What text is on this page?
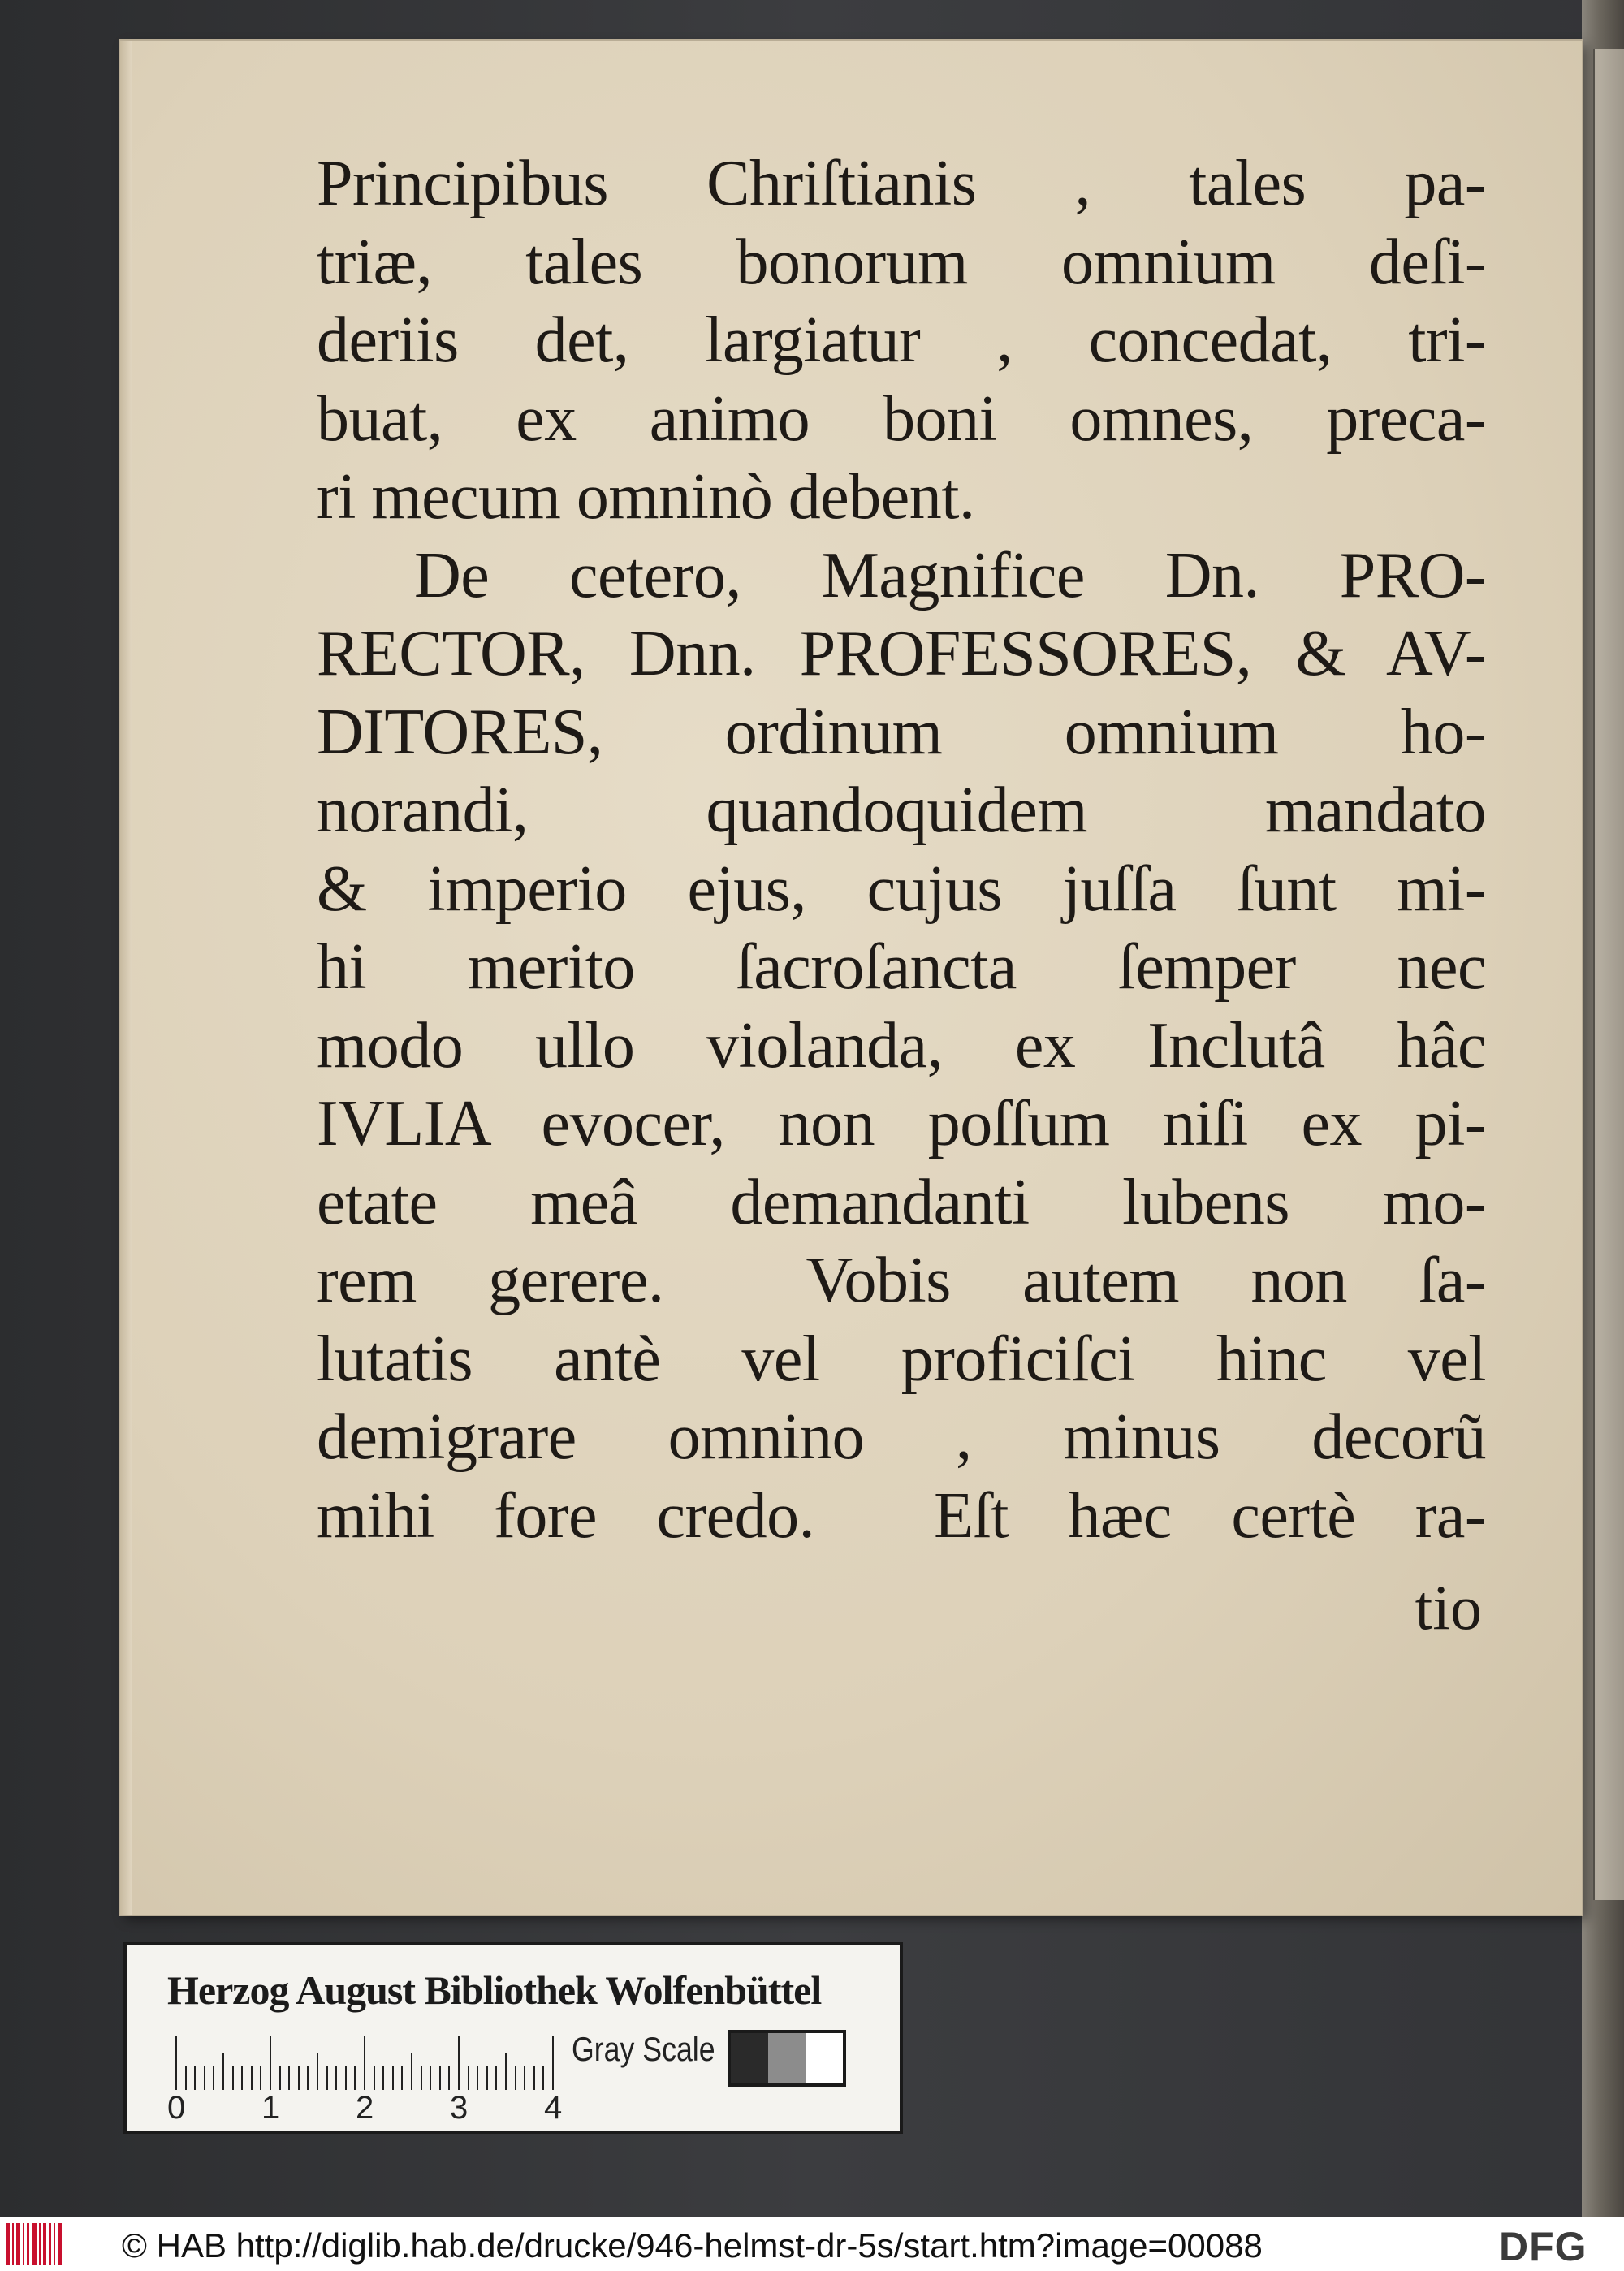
Principibus Chriſtianis , tales pa-
triæ, tales bonorum omnium deſi-
deriis det, largiatur , concedat, tri-
buat, ex animo boni omnes, preca-
ri mecum omninò debent.
De cetero, Magnifice Dn. PRO-
RECTOR, Dnn. PROFESSORES, & AV-
DITORES, ordinum omnium ho-
norandi, quandoquidem mandato
& imperio ejus, cujus juſſa ſunt mi-
hi merito ſacroſancta ſemper nec
modo ullo violanda, ex Inclutâ hâc
IVLIA evocer, non poſſum niſi ex pi-
etate meâ demandanti lubens mo-
rem gerere.  Vobis autem non ſa-
lutatis antè vel proficiſci hinc vel
demigrare omnino , minus decorũ
mihi fore credo.  Eſt hæc certè ra-
tio
Herzog August Bibliothek Wolfenbüttel
0	1	2	3	4
Gray Scale
© HAB http://diglib.hab.de/drucke/946-helmst-dr-5s/start.htm?image=00088	DFG
